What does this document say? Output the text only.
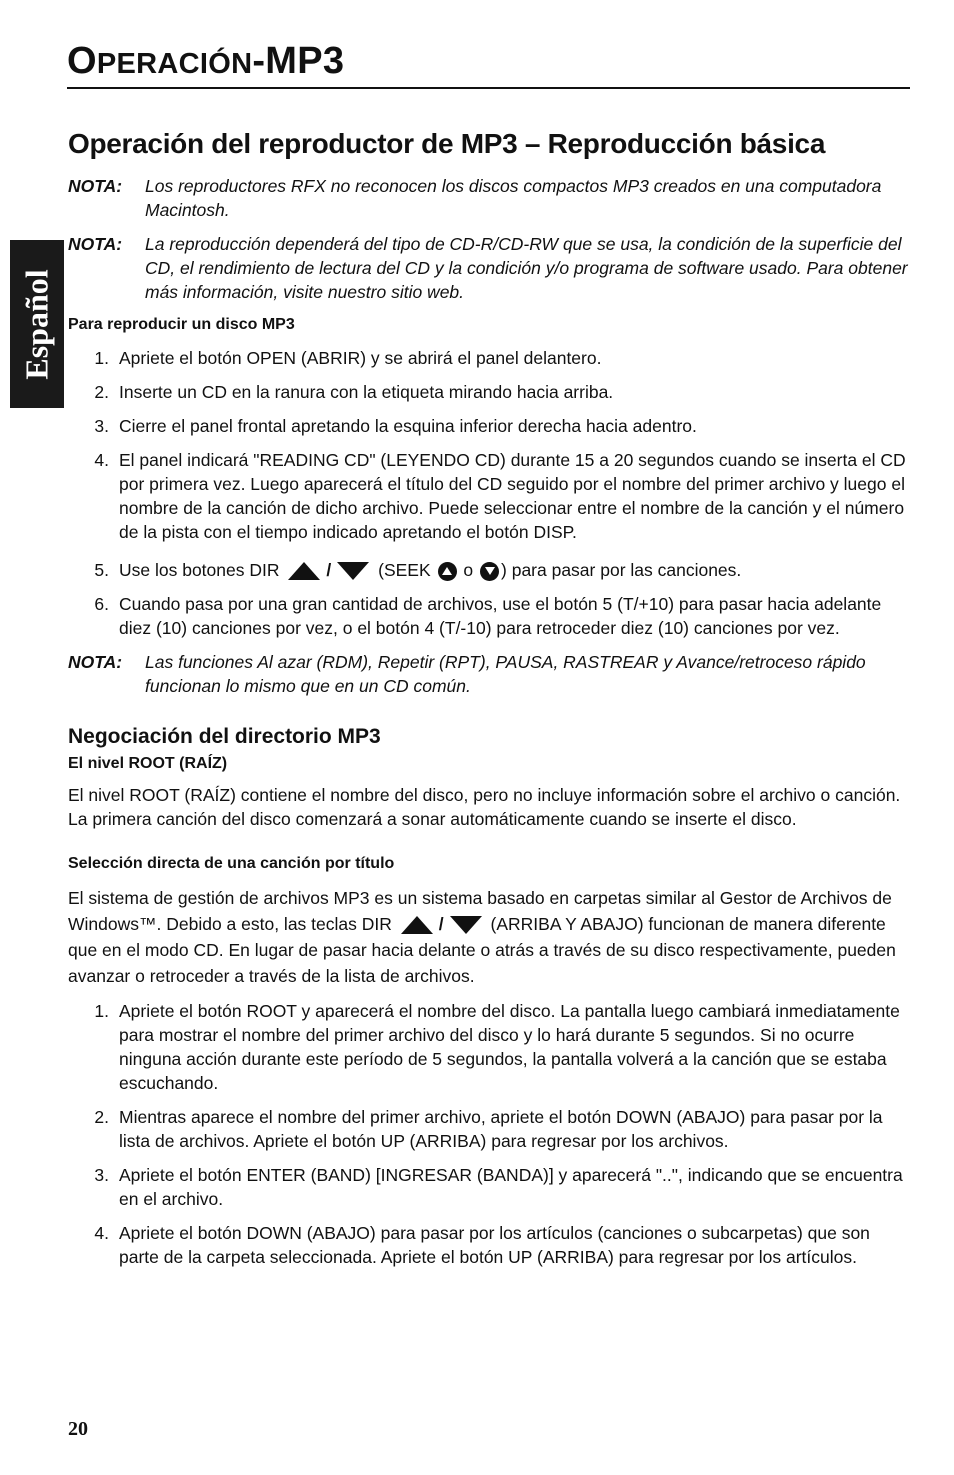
OPERACIÓN-MP3
Español
Operación del reproductor de MP3 – Reproducción básica
NOTA:	Los reproductores RFX no reconocen los discos compactos MP3 creados en una computadora Macintosh.
NOTA:	La reproducción dependerá del tipo de CD-R/CD-RW que se usa, la condición de la superficie del CD, el rendimiento de lectura del CD y la condición y/o programa de software usado. Para obtener más información, visite nuestro sitio web.
Para reproducir un disco MP3
1. Apriete el botón OPEN (ABRIR) y se abrirá el panel delantero.
2. Inserte un CD en la ranura con la etiqueta mirando hacia arriba.
3. Cierre el panel frontal apretando la esquina inferior derecha hacia adentro.
4. El panel indicará "READING CD" (LEYENDO CD) durante 15 a 20 segundos cuando se inserta el CD por primera vez. Luego aparecerá el título del CD seguido por el nombre del primer archivo y luego el nombre de la canción de dicho archivo. Puede seleccionar entre el nombre de la canción y el número de la pista con el tiempo indicado apretando el botón DISP.
5. Use los botones DIR	/	(SEEK o ) para pasar por las canciones.
6. Cuando pasa por una gran cantidad de archivos, use el botón 5 (T/+10) para pasar hacia adelante diez (10) canciones por vez, o el botón 4 (T/-10) para retroceder diez (10) canciones por vez.
NOTA:	Las funciones Al azar (RDM), Repetir (RPT), PAUSA, RASTREAR y Avance/retroceso rápido funcionan lo mismo que en un CD común.
Negociación del directorio MP3
El nivel ROOT (RAÍZ)

El nivel ROOT (RAÍZ) contiene el nombre del disco, pero no incluye información sobre el archivo o canción. La primera canción del disco comenzará a sonar automáticamente cuando se inserte el disco.

Selección directa de una canción por título

El sistema de gestión de archivos MP3 es un sistema basado en carpetas similar al Gestor de Archivos de Windows™. Debido a esto, las teclas DIR	/	(ARRIBA Y ABAJO) funcionan de manera diferente que en el modo CD. En lugar de pasar hacia delante o atrás a través de su disco respectivamente, pueden avanzar o retroceder a través de la lista de archivos.

1. Apriete el botón ROOT y aparecerá el nombre del disco. La pantalla luego cambiará inmediatamente para mostrar el nombre del primer archivo del disco y lo hará durante 5 segundos. Si no ocurre ninguna acción durante este período de 5 segundos, la pantalla volverá a la canción que se estaba escuchando.
2. Mientras aparece el nombre del primer archivo, apriete el botón DOWN (ABAJO) para pasar por la lista de archivos. Apriete el botón UP (ARRIBA) para regresar por los archivos.
3. Apriete el botón ENTER (BAND) [INGRESAR (BANDA)] y aparecerá "..", indicando que se encuentra en el archivo.
4. Apriete el botón DOWN (ABAJO) para pasar por los artículos (canciones o subcarpetas) que son parte de la carpeta seleccionada. Apriete el botón UP (ARRIBA) para regresar por los artículos.
20
